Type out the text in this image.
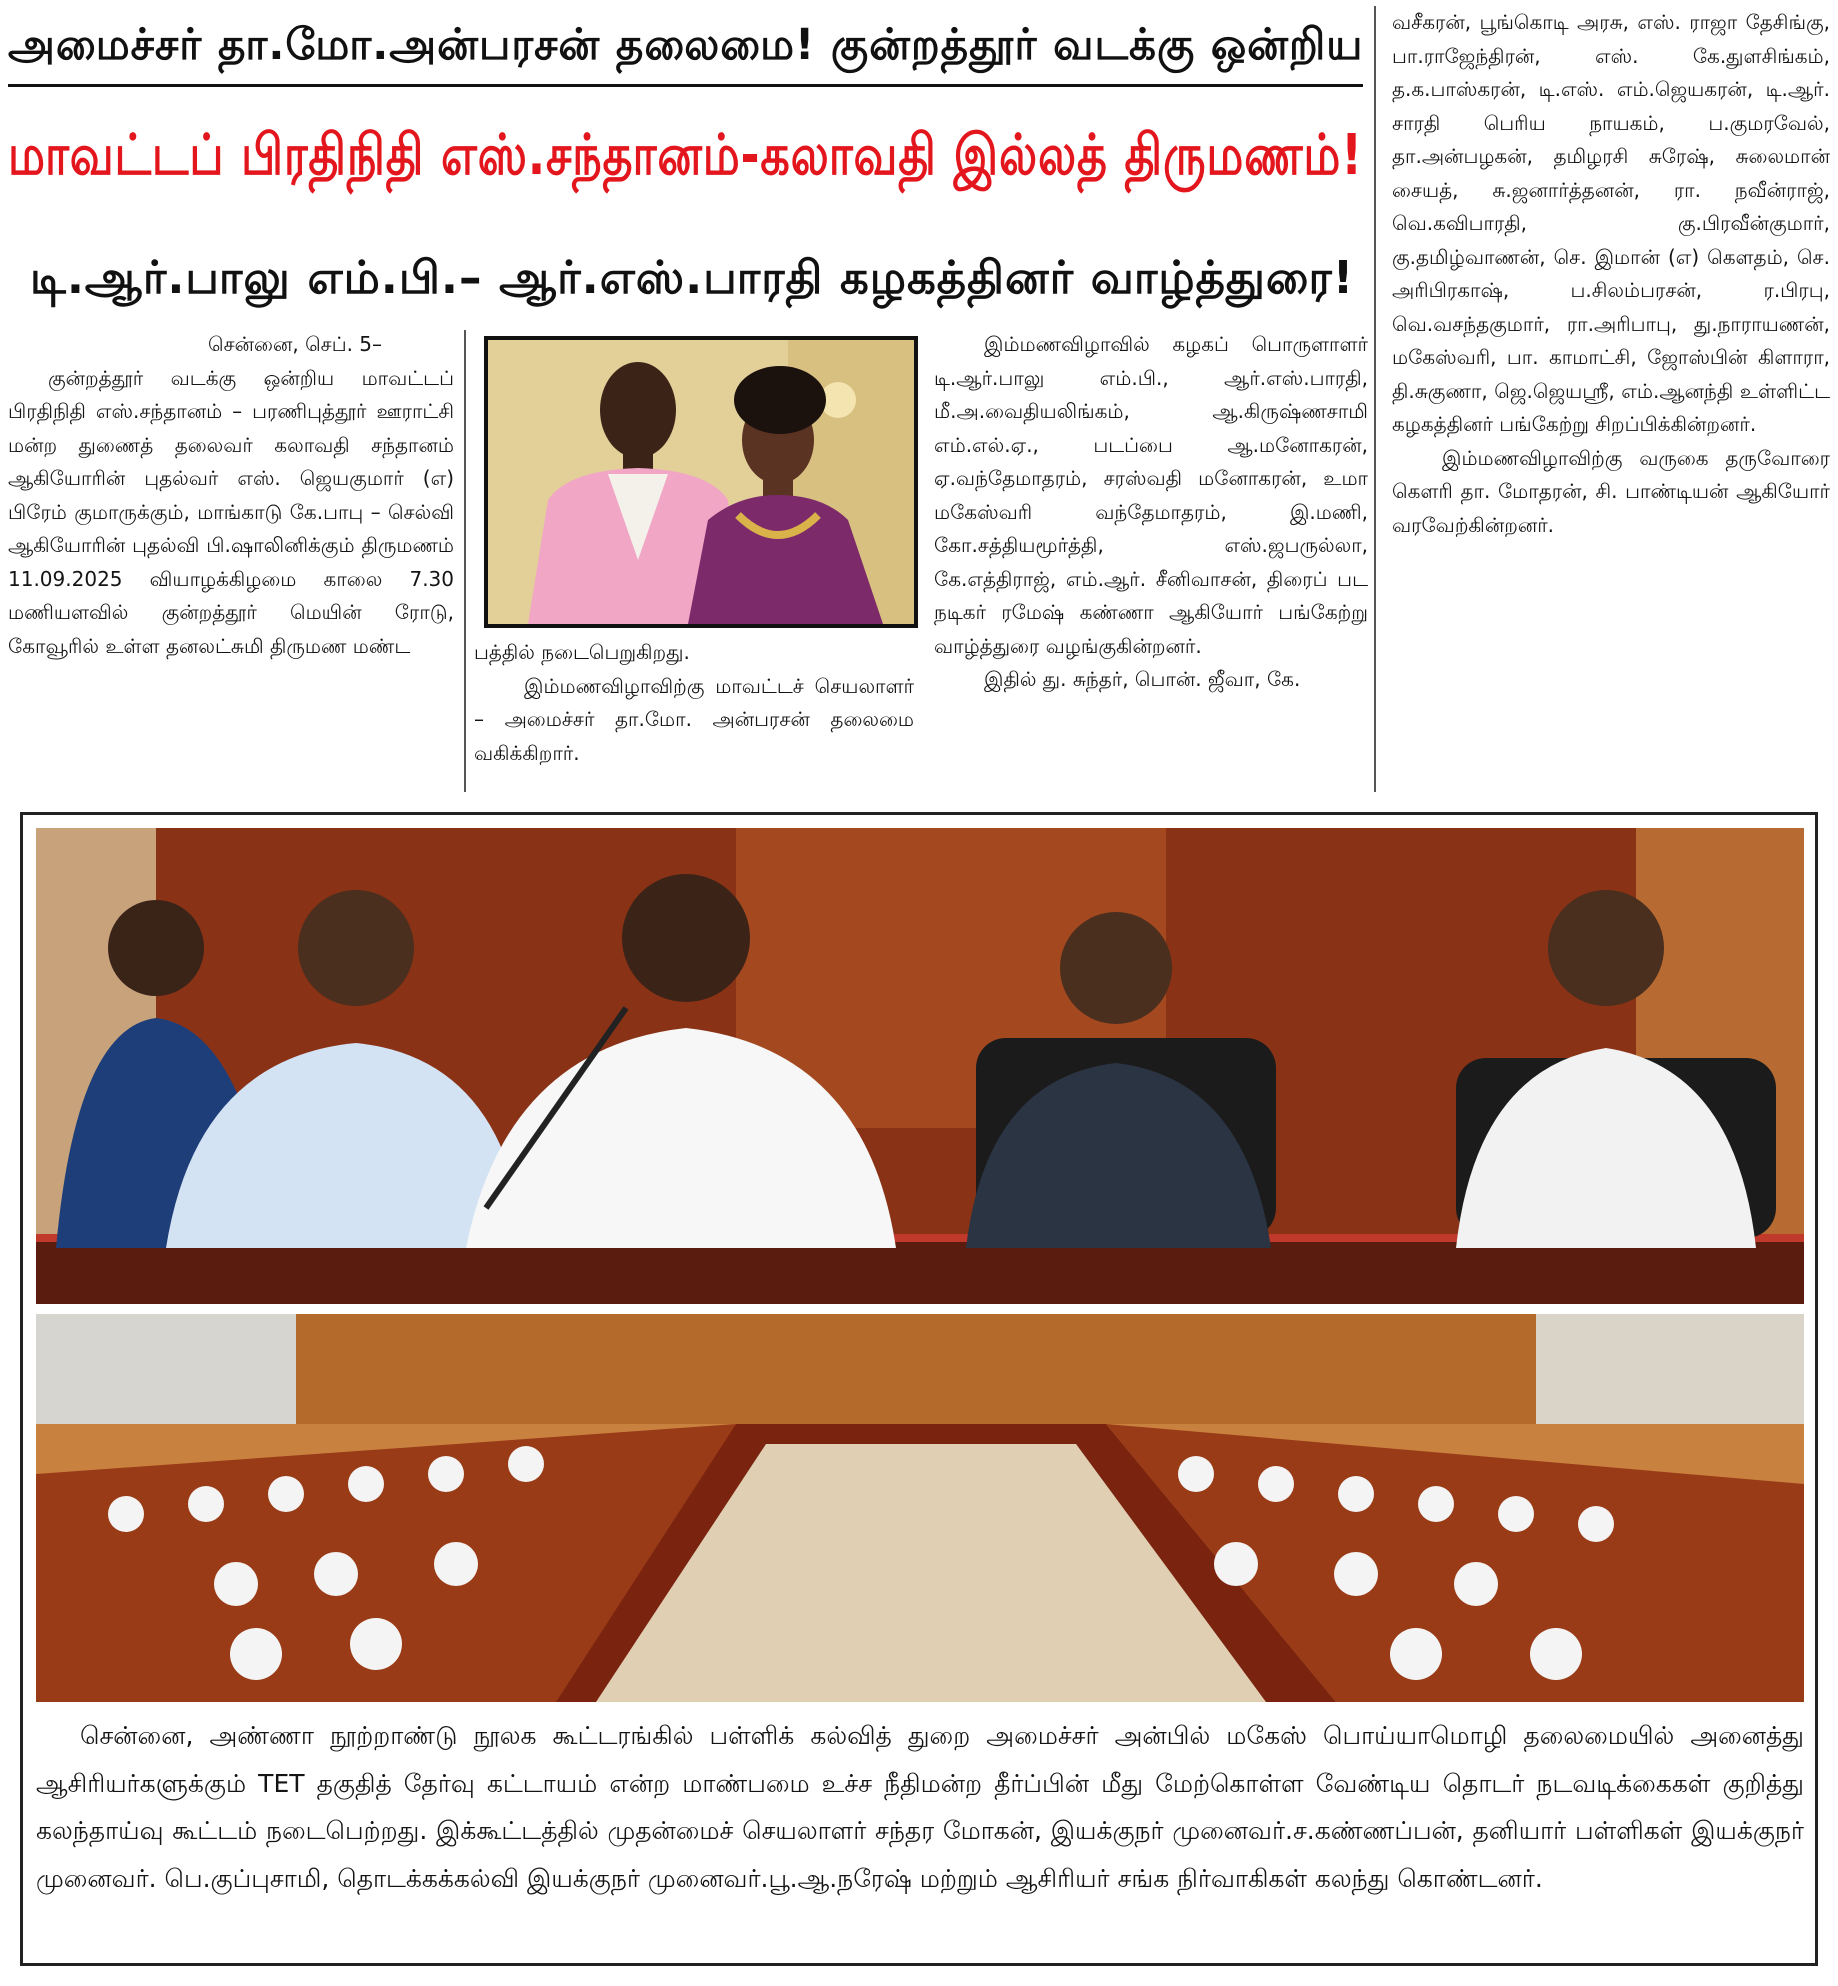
அமைச்சர் தா.மோ.அன்பரசன் தலைமை! குன்றத்தூர் வடக்கு ஒன்றிய
மாவட்டப் பிரதிநிதி எஸ்.சந்தானம்-கலாவதி இல்லத் திருமணம்!
டி.ஆர்.பாலு எம்.பி.– ஆர்.எஸ்.பாரதி கழகத்தினர் வாழ்த்துரை!
சென்னை, செப். 5–

குன்றத்தூர் வடக்கு ஒன்றிய மாவட்டப் பிரதிநிதி எஸ்.சந்தானம் – பரணிபுத்தூர் ஊராட்சி மன்ற துணைத் தலைவர் கலாவதி சந்தானம் ஆகியோரின் புதல்வர் எஸ். ஜெயகுமார் (எ) பிரேம் குமாருக்கும், மாங்காடு கே.பாபு – செல்வி ஆகியோரின் புதல்வி பி.ஷாலினிக்கும் திருமணம் 11.09.2025 வியாழக்கிழமை காலை 7.30 மணியளவில் குன்றத்தூர் மெயின் ரோடு, கோவூரில் உள்ள தனலட்சுமி திருமண மண்ட	பத்தில் நடைபெறுகிறது.

இம்மணவிழாவிற்கு மாவட்டச் செயலாளர் – அமைச்சர் தா.மோ. அன்பரசன் தலைமை வகிக்கிறார்.

இம்மணவிழாவில் கழகப் பொருளாளர் டி.ஆர்.பாலு எம்.பி., ஆர்.எஸ்.பாரதி, மீ.அ.வைதியலிங்கம், ஆ.கிருஷ்ணசாமி எம்.எல்.ஏ., படப்பை ஆ.மனோகரன், ஏ.வந்தேமாதரம், சரஸ்வதி மனோகரன், உமா மகேஸ்வரி வந்தேமாதரம், இ.மணி, கோ.சத்தியமூர்த்தி, எஸ்.ஜபருல்லா, கே.எத்திராஜ், எம்.ஆர். சீனிவாசன், திரைப் பட நடிகர் ரமேஷ் கண்ணா ஆகியோர் பங்கேற்று வாழ்த்துரை வழங்குகின்றனர்.

இதில் து. சுந்தர், பொன். ஜீவா, கே.

வசீகரன், பூங்கொடி அரசு, எஸ். ராஜா தேசிங்கு, பா.ராஜேந்திரன், எஸ். கே.துளசிங்கம், த.க.பாஸ்கரன், டி.எஸ். எம்.ஜெயகரன், டி.ஆர். சாரதி பெரிய நாயகம், ப.குமரவேல், தா.அன்பழகன், தமிழரசி சுரேஷ், சுலைமான் சையத், சு.ஜனார்த்தனன், ரா. நவீன்ராஜ், வெ.கவிபாரதி, கு.பிரவீன்குமார், கு.தமிழ்வாணன், செ. இமான் (எ) கௌதம், செ. அரிபிரகாஷ், ப.சிலம்பரசன், ர.பிரபு, வெ.வசந்தகுமார், ரா.அரிபாபு, து.நாராயணன், மகேஸ்வரி, பா. காமாட்சி, ஜோஸ்பின் கிளாரா, தி.சுகுணா, ஜெ.ஜெயஸ்ரீ, எம்.ஆனந்தி உள்ளிட்ட கழகத்தினர் பங்கேற்று சிறப்பிக்கின்றனர்.

இம்மணவிழாவிற்கு வருகை தருவோரை கௌரி தா. மோதரன், சி. பாண்டியன் ஆகியோர் வரவேற்கின்றனர்.

சென்னை, அண்ணா நூற்றாண்டு நூலக கூட்டரங்கில் பள்ளிக் கல்வித் துறை அமைச்சர் அன்பில் மகேஸ் பொய்யாமொழி தலைமையில் அனைத்து ஆசிரியர்களுக்கும் TET தகுதித் தேர்வு கட்டாயம் என்ற மாண்பமை உச்ச நீதிமன்ற தீர்ப்பின் மீது மேற்கொள்ள வேண்டிய தொடர் நடவடிக்கைகள் குறித்து கலந்தாய்வு கூட்டம் நடைபெற்றது. இக்கூட்டத்தில் முதன்மைச் செயலாளர் சந்தர மோகன், இயக்குநர் முனைவர்.ச.கண்ணப்பன், தனியார் பள்ளிகள் இயக்குநர் முனைவர். பெ.குப்புசாமி, தொடக்கக்கல்வி இயக்குநர் முனைவர்.பூ.ஆ.நரேஷ் மற்றும் ஆசிரியர் சங்க நிர்வாகிகள் கலந்து கொண்டனர்.
